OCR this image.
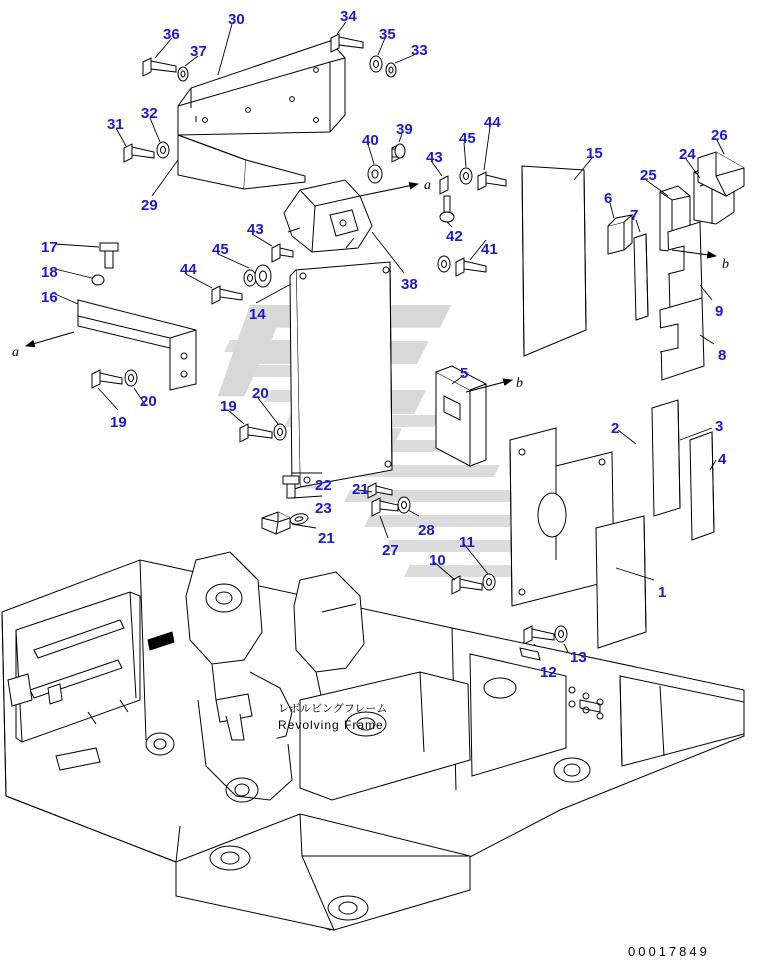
36
30	34
35
33
37
31
32
29
40
39
43
45
44
42
41
43
45
44
14
38
15
6
7
25
24
26
9
8
17
18
16
19
20	19
20
22
23
21
21
27
28
5
10
11
2	3
4
1
12
13
a
a
b
b
レボルビングフレーム
Revolving Frame
00017849
